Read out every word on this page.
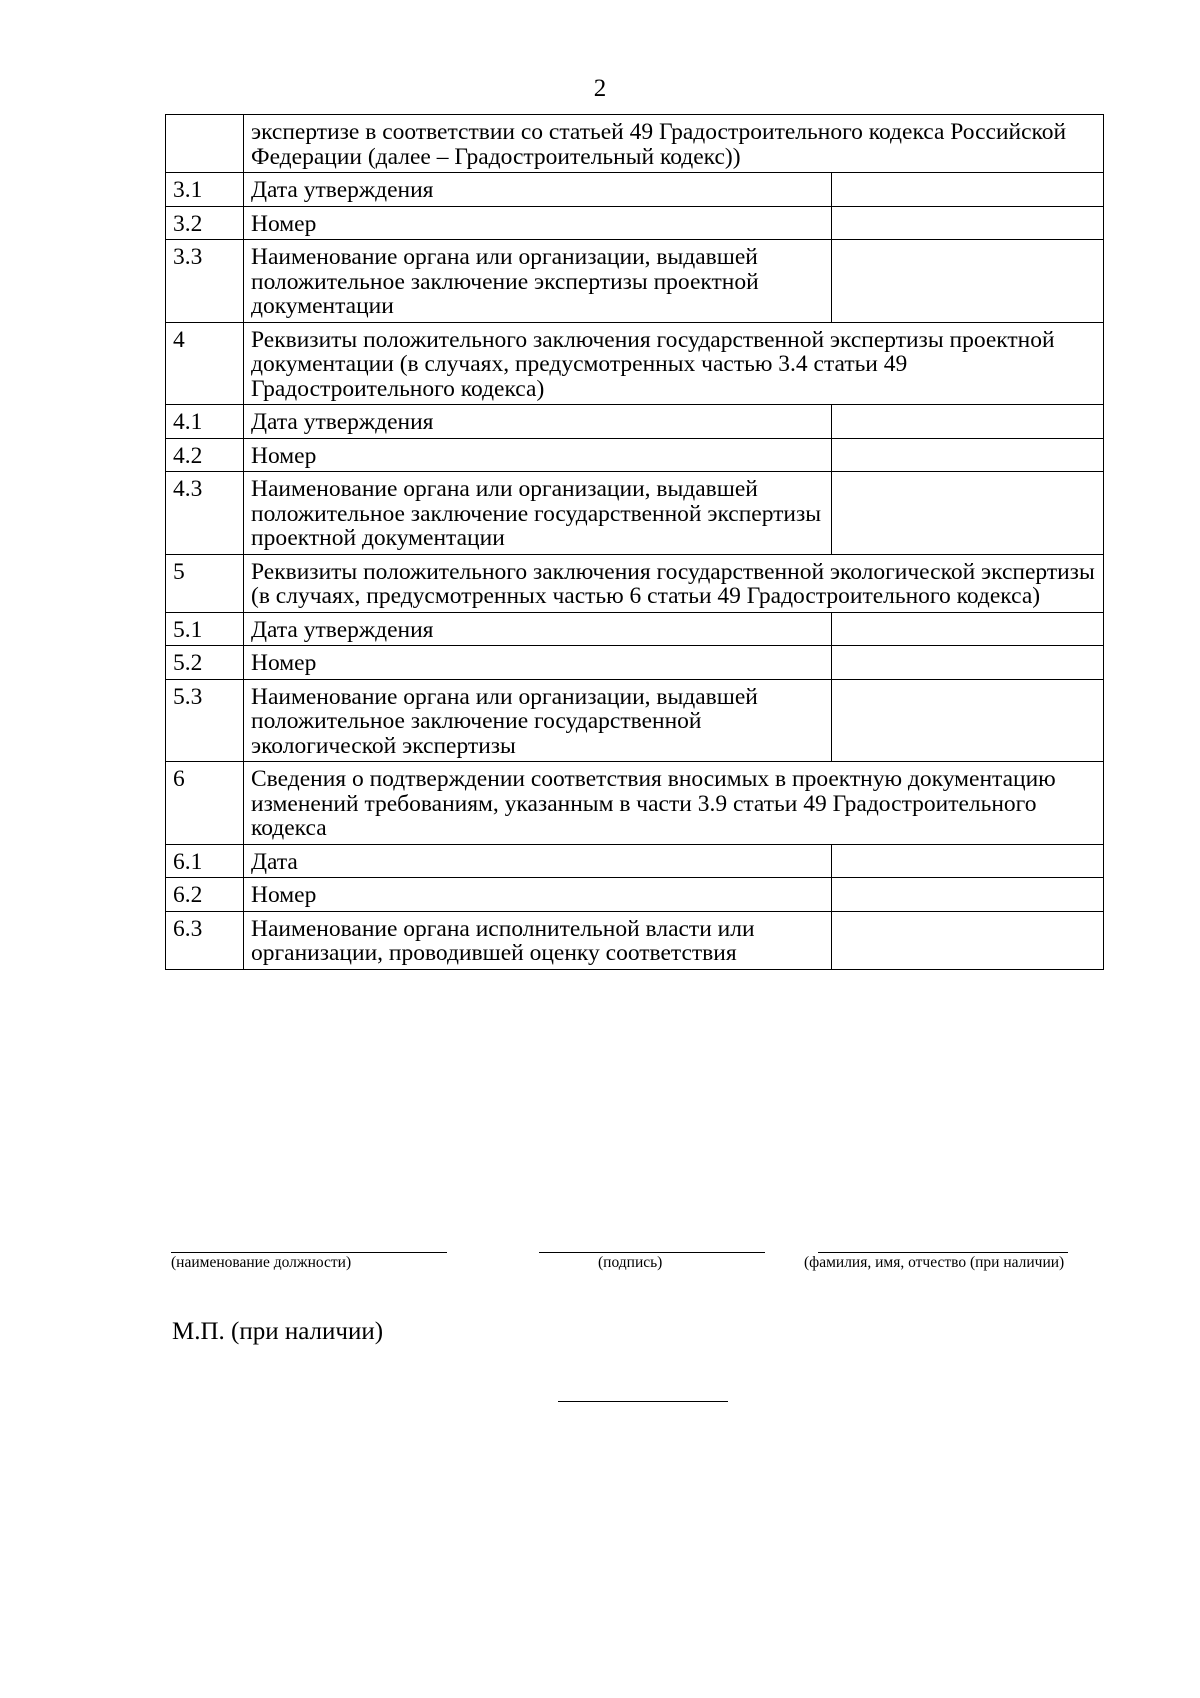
2
	экспертизе в соответствии со статьей 49 Градостроительного кодекса Российской Федерации (далее – Градостроительный кодекс))	
3.1	Дата утверждения	
3.2	Номер	
3.3	Наименование органа или организации, выдавшей положительное заключение экспертизы проектной документации	
4	Реквизиты положительного заключения государственной экспертизы проектной документации (в случаях, предусмотренных частью 3.4 статьи 49 Градостроительного кодекса)	
4.1	Дата утверждения	
4.2	Номер	
4.3	Наименование органа или организации, выдавшей положительное заключение государственной экспертизы проектной документации	
5	Реквизиты положительного заключения государственной экологической экспертизы (в случаях, предусмотренных частью 6 статьи 49 Градостроительного кодекса)	
5.1	Дата утверждения	
5.2	Номер	
5.3	Наименование органа или организации, выдавшей положительное заключение государственной экологической экспертизы	
6	Сведения о подтверждении соответствия вносимых в проектную документацию изменений требованиям, указанным в части 3.9 статьи 49 Градостроительного кодекса	
6.1	Дата	
6.2	Номер	
6.3	Наименование органа исполнительной власти или организации, проводившей оценку соответствия	
(наименование должности)	(подпись)	(фамилия, имя, отчество (при наличии)
М.П. (при наличии)
